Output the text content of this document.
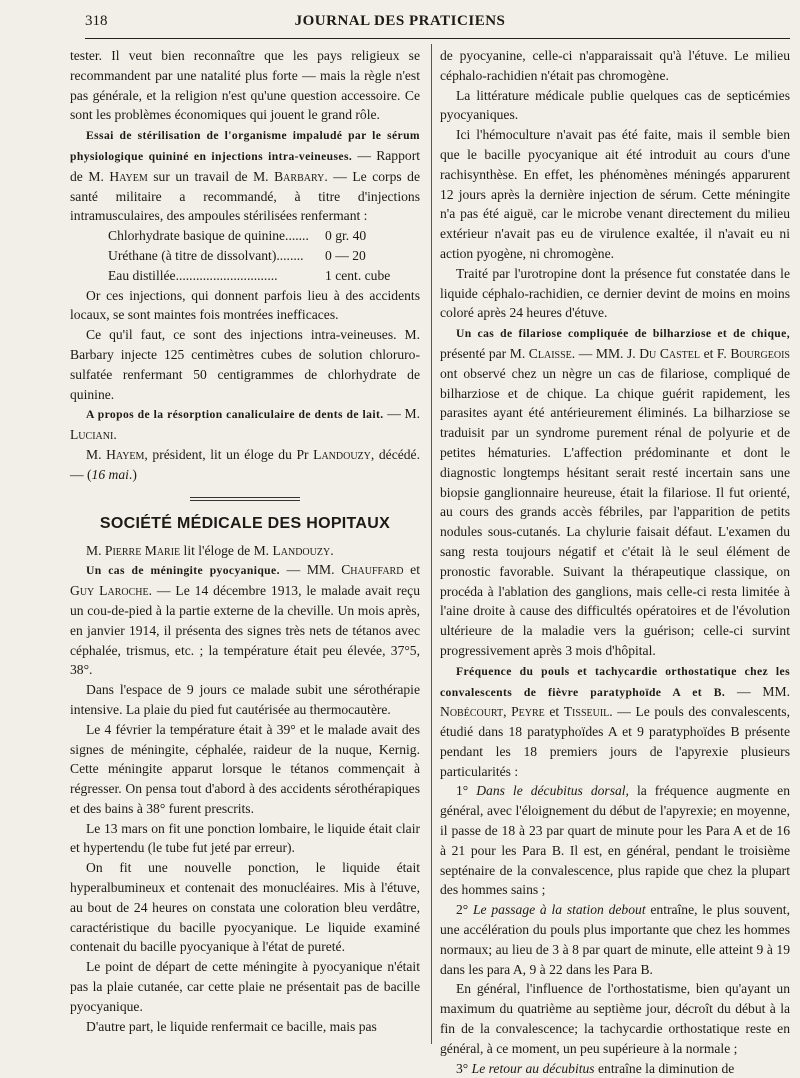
318	JOURNAL DES PRATICIENS

tester. Il veut bien reconnaître que les pays religieux se recommandent par une natalité plus forte — mais la règle n'est pas générale, et la religion n'est qu'une question accessoire. Ce sont les problèmes économiques qui jouent le grand rôle.

Essai de stérilisation de l'organisme impaludé par le sérum physiologique quininé en injections intra-veineuses. — Rapport de M. Hayem sur un travail de M. Barbary. — Le corps de santé militaire a recommandé, à titre d'injections intramusculaires, des ampoules stérilisées renfermant :

Chlorhydrate basique de quinine.......	0 gr. 40
Uréthane (à titre de dissolvant)........	0 — 20
Eau distillée..............................	1 cent. cube

Or ces injections, qui donnent parfois lieu à des accidents locaux, se sont maintes fois montrées inefficaces.

Ce qu'il faut, ce sont des injections intra-veineuses. M. Barbary injecte 125 centimètres cubes de solution chloruro-sulfatée renfermant 50 centigrammes de chlorhydrate de quinine.

A propos de la résorption canaliculaire de dents de lait. — M. Luciani.

M. Hayem, président, lit un éloge du Pr Landouzy, décédé. — (16 mai.)

SOCIÉTÉ MÉDICALE DES HOPITAUX

M. Pierre Marie lit l'éloge de M. Landouzy.

Un cas de méningite pyocyanique. — MM. Chauffard et Guy Laroche. — Le 14 décembre 1913, le malade avait reçu un cou-de-pied à la partie externe de la cheville. Un mois après, en janvier 1914, il présenta des signes très nets de tétanos avec céphalée, trismus, etc. ; la température était peu élevée, 37°5, 38°.

Dans l'espace de 9 jours ce malade subit une sérothérapie intensive. La plaie du pied fut cautérisée au thermocautère.

Le 4 février la température était à 39° et le malade avait des signes de méningite, céphalée, raideur de la nuque, Kernig. Cette méningite apparut lorsque le tétanos commençait à régresser. On pensa tout d'abord à des accidents sérothérapiques et des bains à 38° furent prescrits.

Le 13 mars on fit une ponction lombaire, le liquide était clair et hypertendu (le tube fut jeté par erreur).

On fit une nouvelle ponction, le liquide était hyperalbumineux et contenait des monucléaires. Mis à l'étuve, au bout de 24 heures on constata une coloration bleu verdâtre, caractéristique du bacille pyocyanique. Le liquide examiné contenait du bacille pyocyanique à l'état de pureté.

Le point de départ de cette méningite à pyocyanique n'était pas la plaie cutanée, car cette plaie ne présentait pas de bacille pyocyanique.

D'autre part, le liquide renfermait ce bacille, mais pas

de pyocyanine, celle-ci n'apparaissait qu'à l'étuve. Le milieu céphalo-rachidien n'était pas chromogène.

La littérature médicale publie quelques cas de septicémies pyocyaniques.

Ici l'hémoculture n'avait pas été faite, mais il semble bien que le bacille pyocyanique ait été introduit au cours d'une rachisynthèse. En effet, les phénomènes méningés apparurent 12 jours après la dernière injection de sérum. Cette méningite n'a pas été aiguë, car le microbe venant directement du milieu extérieur n'avait pas eu de virulence exaltée, il n'avait eu ni action pyogène, ni chromogène.

Traité par l'urotropine dont la présence fut constatée dans le liquide céphalo-rachidien, ce dernier devint de moins en moins coloré après 24 heures d'étuve.

Un cas de filariose compliquée de bilharziose et de chique, présenté par M. Claisse. — MM. J. Du Castel et F. Bourgeois ont observé chez un nègre un cas de filariose, compliqué de bilharziose et de chique. La chique guérit rapidement, les parasites ayant été antérieurement éliminés. La bilharziose se traduisit par un syndrome purement rénal de polyurie et de petites hématuries. L'affection prédominante et dont le diagnostic longtemps hésitant serait resté incertain sans une biopsie ganglionnaire heureuse, était la filariose. Il fut orienté, au cours des grands accès fébriles, par l'apparition de petits nodules sous-cutanés. La chylurie faisait défaut. L'examen du sang resta toujours négatif et c'était là le seul élément de pronostic favorable. Suivant la thérapeutique classique, on procéda à l'ablation des ganglions, mais celle-ci resta limitée à l'aine droite à cause des difficultés opératoires et de l'évolution ultérieure de la maladie vers la guérison; celle-ci survint progressivement après 3 mois d'hôpital.

Fréquence du pouls et tachycardie orthostatique chez les convalescents de fièvre paratyphoïde A et B. — MM. Nobécourt, Peyre et Tisseuil. — Le pouls des convalescents, étudié dans 18 paratyphoïdes A et 9 paratyphoïdes B présente pendant les 18 premiers jours de l'apyrexie plusieurs particularités :

1° Dans le décubitus dorsal, la fréquence augmente en général, avec l'éloignement du début de l'apyrexie; en moyenne, il passe de 18 à 23 par quart de minute pour les Para A et de 16 à 21 pour les Para B. Il est, en général, pendant le troisième septénaire de la convalescence, plus rapide que chez la plupart des hommes sains ;

2° Le passage à la station debout entraîne, le plus souvent, une accélération du pouls plus importante que chez les hommes normaux; au lieu de 3 à 8 par quart de minute, elle atteint 9 à 19 dans les para A, 9 à 22 dans les Para B.

En général, l'influence de l'orthostatisme, bien qu'ayant un maximum du quatrième au septième jour, décroît du début à la fin de la convalescence; la tachycardie orthostatique reste en général, à ce moment, un peu supérieure à la normale ;

3° Le retour au décubitus entraîne la diminution de
